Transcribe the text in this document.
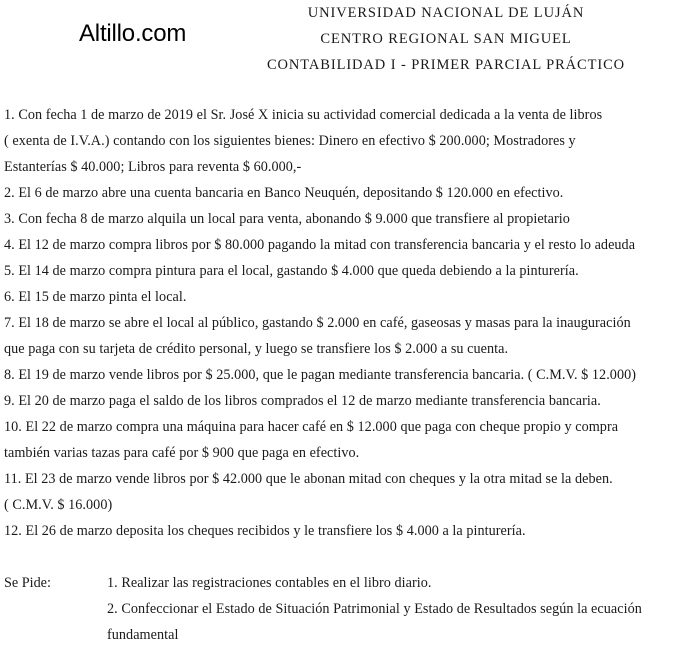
Altillo.com
UNIVERSIDAD NACIONAL DE LUJÁN
CENTRO REGIONAL SAN MIGUEL
CONTABILIDAD I - PRIMER PARCIAL PRÁCTICO
1. Con fecha 1 de marzo de 2019 el Sr. José X inicia su actividad comercial dedicada a la venta de libros
( exenta de I.V.A.) contando con los siguientes bienes: Dinero en efectivo $ 200.000; Mostradores y
Estanterías $ 40.000; Libros para reventa $ 60.000,-
2. El 6 de marzo abre una cuenta bancaria en Banco Neuquén, depositando $ 120.000 en efectivo.
3. Con fecha 8 de marzo alquila un local para venta, abonando $ 9.000 que transfiere al propietario
4. El 12 de marzo compra libros por $ 80.000 pagando la mitad con transferencia bancaria y el resto lo adeuda
5. El 14 de marzo compra pintura para el local, gastando $ 4.000 que queda debiendo a la pinturería.
6. El 15 de marzo pinta el local.
7. El 18 de marzo se abre el local al público, gastando $ 2.000 en café, gaseosas y masas para la inauguración
que paga con su tarjeta de crédito personal, y luego se transfiere los $ 2.000 a su cuenta.
8. El 19 de marzo vende libros por $ 25.000, que le pagan mediante transferencia bancaria. ( C.M.V. $ 12.000)
9. El 20 de marzo paga el saldo de los libros comprados el 12 de marzo mediante transferencia bancaria.
10. El 22 de marzo compra una máquina para hacer café en $ 12.000 que paga con cheque propio y compra
también varias tazas para café por $ 900 que paga en efectivo.
11. El 23 de marzo vende libros por $ 42.000 que le abonan mitad con cheques y la otra mitad se la deben.
( C.M.V. $ 16.000)
12. El 26 de marzo deposita los cheques recibidos y le transfiere los $ 4.000 a la pinturería.
Se Pide:	1. Realizar las registraciones contables en el libro diario.
2. Confeccionar el Estado de Situación Patrimonial y Estado de Resultados según la ecuación
fundamental
